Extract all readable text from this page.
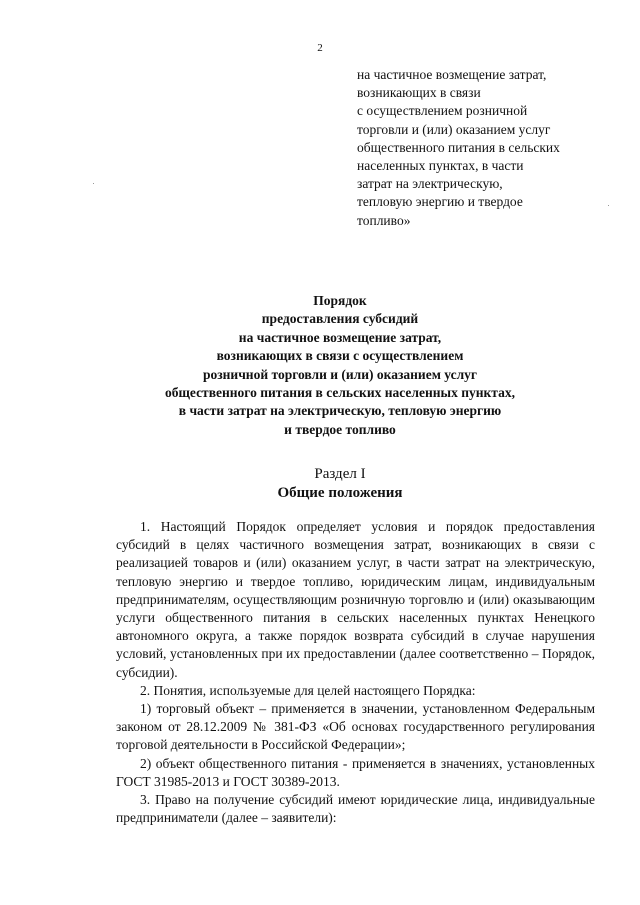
2
на частичное возмещение затрат,
возникающих в связи
с осуществлением розничной
торговли и (или) оказанием услуг
общественного питания в сельских
населенных пунктах, в части
затрат на электрическую,
тепловую энергию и твердое
топливо»
Порядок
предоставления субсидий
на частичное возмещение затрат,
возникающих в связи с осуществлением
розничной торговли и (или) оказанием услуг
общественного питания в сельских населенных пунктах,
в части затрат на электрическую, тепловую энергию
и твердое топливо
Раздел I
Общие положения

1. Настоящий Порядок определяет условия и порядок предоставления субсидий в целях частичного возмещения затрат, возникающих в связи с реализацией товаров и (или) оказанием услуг, в части затрат на электрическую, тепловую энергию и твердое топливо, юридическим лицам, индивидуальным предпринимателям, осуществляющим розничную торговлю и (или) оказывающим услуги общественного питания в сельских населенных пунктах Ненецкого автономного округа, а также порядок возврата субсидий в случае нарушения условий, установленных при их предоставлении (далее соответственно – Порядок, субсидии).

2. Понятия, используемые для целей настоящего Порядка:

1) торговый объект – применяется в значении, установленном Федеральным законом от 28.12.2009 № 381-ФЗ «Об основах государственного регулирования торговой деятельности в Российской Федерации»;

2) объект общественного питания - применяется в значениях, установленных ГОСТ 31985-2013 и ГОСТ 30389-2013.

3. Право на получение субсидий имеют юридические лица, индивидуальные предприниматели (далее – заявители):
